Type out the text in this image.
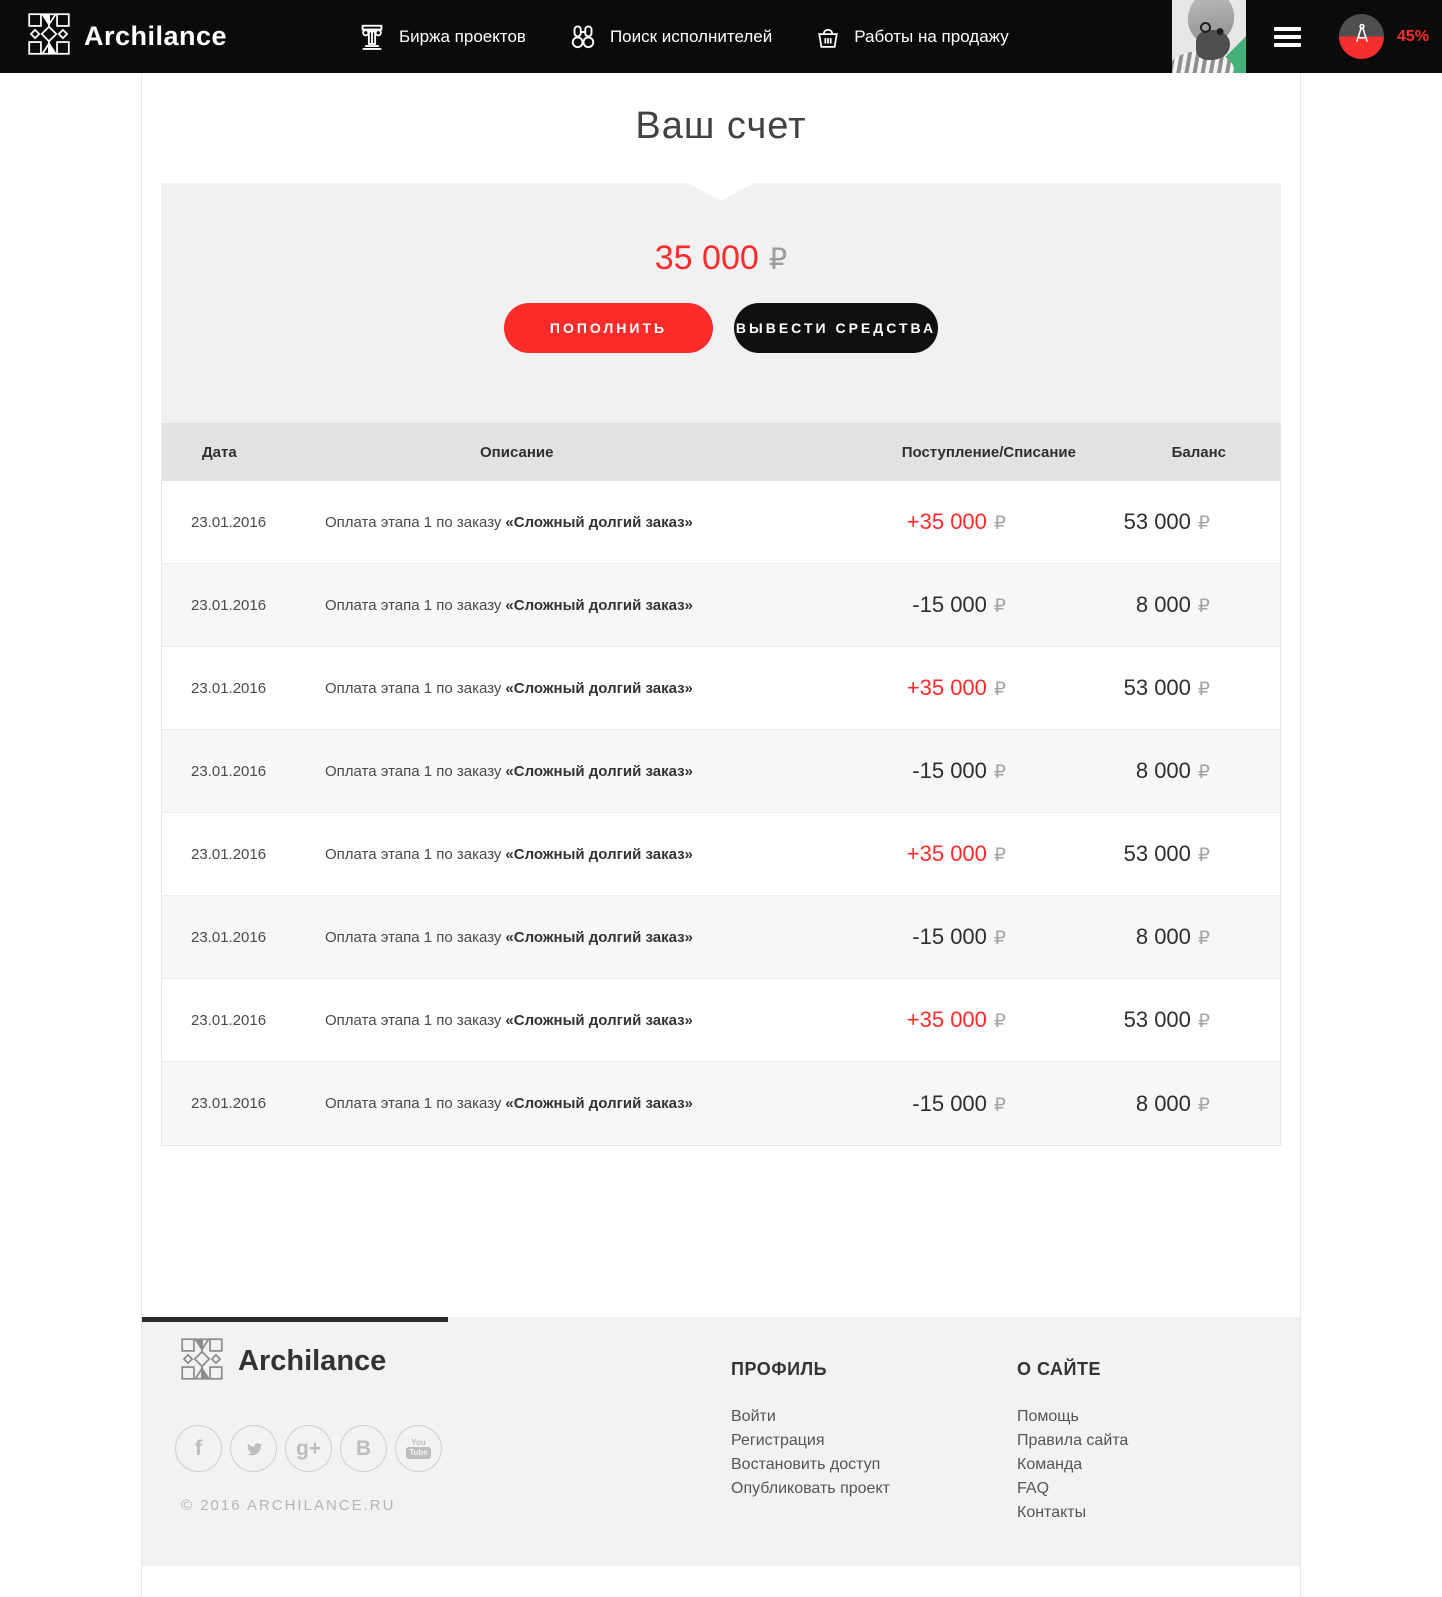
Archilance	Биржа проектов	Поиск исполнителей	Работы на продажу	45%
Ваш счет
35 000 ₽
ПОПОЛНИТЬ	ВЫВЕСТИ СРЕДСТВА
Дата	Описание	Поступление/Списание	Баланс
23.01.2016	Оплата этапа 1 по заказу «Сложный долгий заказ»	+35 000 ₽	53 000 ₽
23.01.2016	Оплата этапа 1 по заказу «Сложный долгий заказ»	-15 000 ₽	8 000 ₽
23.01.2016	Оплата этапа 1 по заказу «Сложный долгий заказ»	+35 000 ₽	53 000 ₽
23.01.2016	Оплата этапа 1 по заказу «Сложный долгий заказ»	-15 000 ₽	8 000 ₽
23.01.2016	Оплата этапа 1 по заказу «Сложный долгий заказ»	+35 000 ₽	53 000 ₽
23.01.2016	Оплата этапа 1 по заказу «Сложный долгий заказ»	-15 000 ₽	8 000 ₽
23.01.2016	Оплата этапа 1 по заказу «Сложный долгий заказ»	+35 000 ₽	53 000 ₽
23.01.2016	Оплата этапа 1 по заказу «Сложный долгий заказ»	-15 000 ₽	8 000 ₽
Archilance
f	g+ B	You
Tube
© 2016 ARCHILANCE.RU
ПРОФИЛЬ
Войти
Регистрация
Востановить доступ
Опубликовать проект
О САЙТЕ
Помощь
Правила сайта
Команда
FAQ
Контакты
